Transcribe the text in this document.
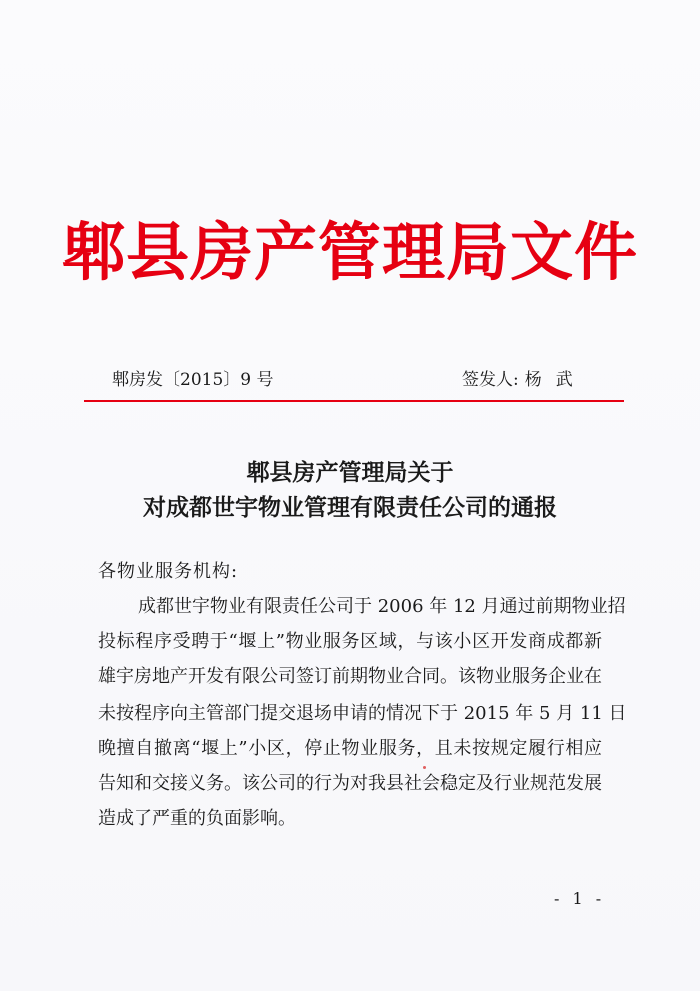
郫县房产管理局文件
郫房发〔2015〕9 号	签发人: 杨武
郫县房产管理局关于
对成都世宇物业管理有限责任公司的通报
各物业服务机构:
成都世宇物业有限责任公司于 2006 年 12 月通过前期物业招
投标程序受聘于“堰上”物业服务区域，与该小区开发商成都新
雄宇房地产开发有限公司签订前期物业合同。该物业服务企业在
未按程序向主管部门提交退场申请的情况下于 2015 年 5 月 11 日
晚擅自撤离“堰上”小区，停止物业服务，且未按规定履行相应
告知和交接义务。该公司的行为对我县社会稳定及行业规范发展
造成了严重的负面影响。
- 1 -
